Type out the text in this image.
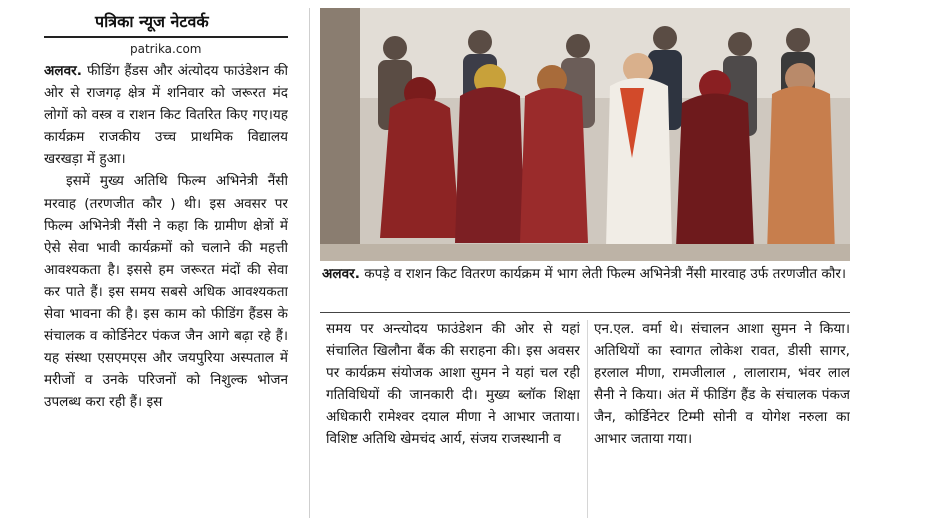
पत्रिका न्यूज नेटवर्क
patrika.com

अलवर. फीडिंग हैंडस और अंत्योदय फाउंडेशन की ओर से राजगढ़ क्षेत्र में शनिवार को जरूरत मंद लोगों को वस्त्र व राशन किट वितरित किए गए।यह कार्यक्रम राजकीय उच्च प्राथमिक विद्यालय खरखड़ा में हुआ।

इसमें मुख्य अतिथि फिल्म अभिनेत्री नैंसी मरवाह (तरणजीत कौर ) थी। इस अवसर पर फिल्म अभिनेत्री नैंसी ने कहा कि ग्रामीण क्षेत्रों में ऐसे सेवा भावी कार्यक्रमों को चलाने की महत्ती आवश्यकता है। इससे हम जरूरत मंदों की सेवा कर पाते हैं। इस समय सबसे अधिक आवश्यकता सेवा भावना की है। इस काम को फीडिंग हैंडस के संचालक व कोर्डिनेटर पंकज जैन आगे बढ़ा रहे हैं। यह संस्था एसएमएस और जयपुरिया अस्पताल में मरीजों व उनके परिजनों को निशुल्क भोजन उपलब्ध करा रही हैं। इस

अलवर. कपड़े व राशन किट वितरण कार्यक्रम में भाग लेती फिल्म अभिनेत्री नैंसी मारवाह उर्फ तरणजीत कौर।

समय पर अन्त्योदय फाउंडेशन की ओर से यहां संचालित खिलौना बैंक की सराहना की। इस अवसर पर कार्यक्रम संयोजक आशा सुमन ने यहां चल रही गतिविधियों की जानकारी दी। मुख्य ब्लॉक शिक्षा अधिकारी रामेश्वर दयाल मीणा ने आभार जताया। विशिष्ट अतिथि खेमचंद आर्य, संजय राजस्थानी व

एन.एल. वर्मा थे। संचालन आशा सुमन ने किया। अतिथियों का स्वागत लोकेश रावत, डीसी सागर, हरलाल मीणा, रामजीलाल , लालाराम, भंवर लाल सैनी ने किया। अंत में फीडिंग हैंड के संचालक पंकज जैन, कोर्डिनेटर टिम्मी सोनी व योगेश नरुला का आभार जताया गया।
